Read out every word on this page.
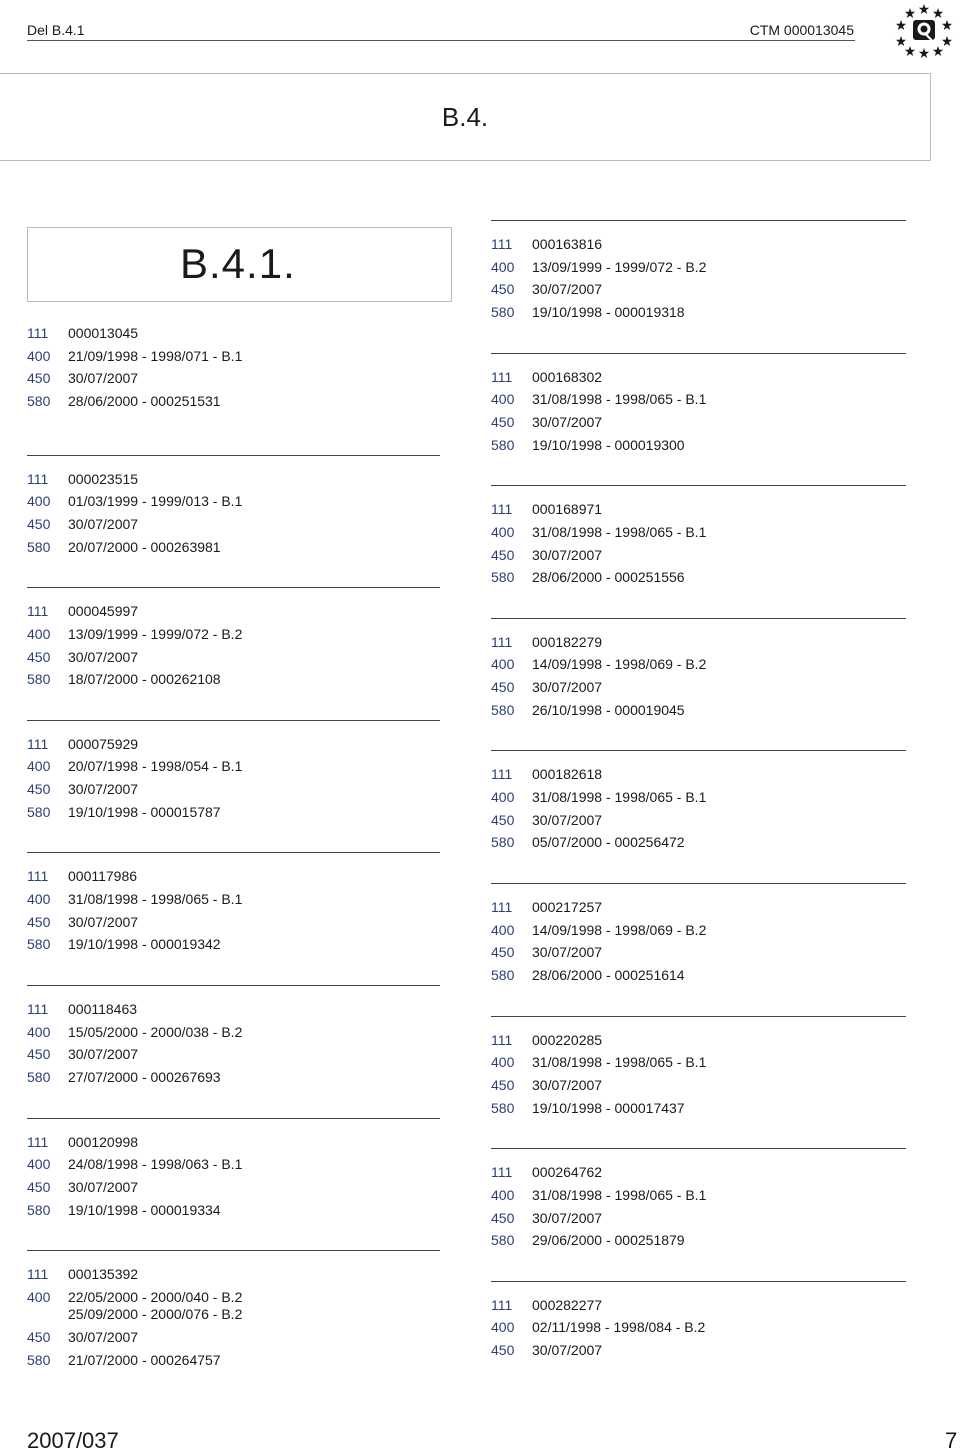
Del B.4.1	CTM 000013045
B.4.
B.4.1.
111	000013045
400	21/09/1998 - 1998/071 - B.1
450	30/07/2007
580	28/06/2000 - 000251531
111	000023515
400	01/03/1999 - 1999/013 - B.1
450	30/07/2007
580	20/07/2000 - 000263981
111	000045997
400	13/09/1999 - 1999/072 - B.2
450	30/07/2007
580	18/07/2000 - 000262108
111	000075929
400	20/07/1998 - 1998/054 - B.1
450	30/07/2007
580	19/10/1998 - 000015787
111	000117986
400	31/08/1998 - 1998/065 - B.1
450	30/07/2007
580	19/10/1998 - 000019342
111	000118463
400	15/05/2000 - 2000/038 - B.2
450	30/07/2007
580	27/07/2000 - 000267693
111	000120998
400	24/08/1998 - 1998/063 - B.1
450	30/07/2007
580	19/10/1998 - 000019334
111	000135392
400	22/05/2000 - 2000/040 - B.2
25/09/2000 - 2000/076 - B.2
450	30/07/2007
580	21/07/2000 - 000264757
111	000163816
400	13/09/1999 - 1999/072 - B.2
450	30/07/2007
580	19/10/1998 - 000019318
111	000168302
400	31/08/1998 - 1998/065 - B.1
450	30/07/2007
580	19/10/1998 - 000019300
111	000168971
400	31/08/1998 - 1998/065 - B.1
450	30/07/2007
580	28/06/2000 - 000251556
111	000182279
400	14/09/1998 - 1998/069 - B.2
450	30/07/2007
580	26/10/1998 - 000019045
111	000182618
400	31/08/1998 - 1998/065 - B.1
450	30/07/2007
580	05/07/2000 - 000256472
111	000217257
400	14/09/1998 - 1998/069 - B.2
450	30/07/2007
580	28/06/2000 - 000251614
111	000220285
400	31/08/1998 - 1998/065 - B.1
450	30/07/2007
580	19/10/1998 - 000017437
111	000264762
400	31/08/1998 - 1998/065 - B.1
450	30/07/2007
580	29/06/2000 - 000251879
111	000282277
400	02/11/1998 - 1998/084 - B.2
450	30/07/2007
2007/037	7
